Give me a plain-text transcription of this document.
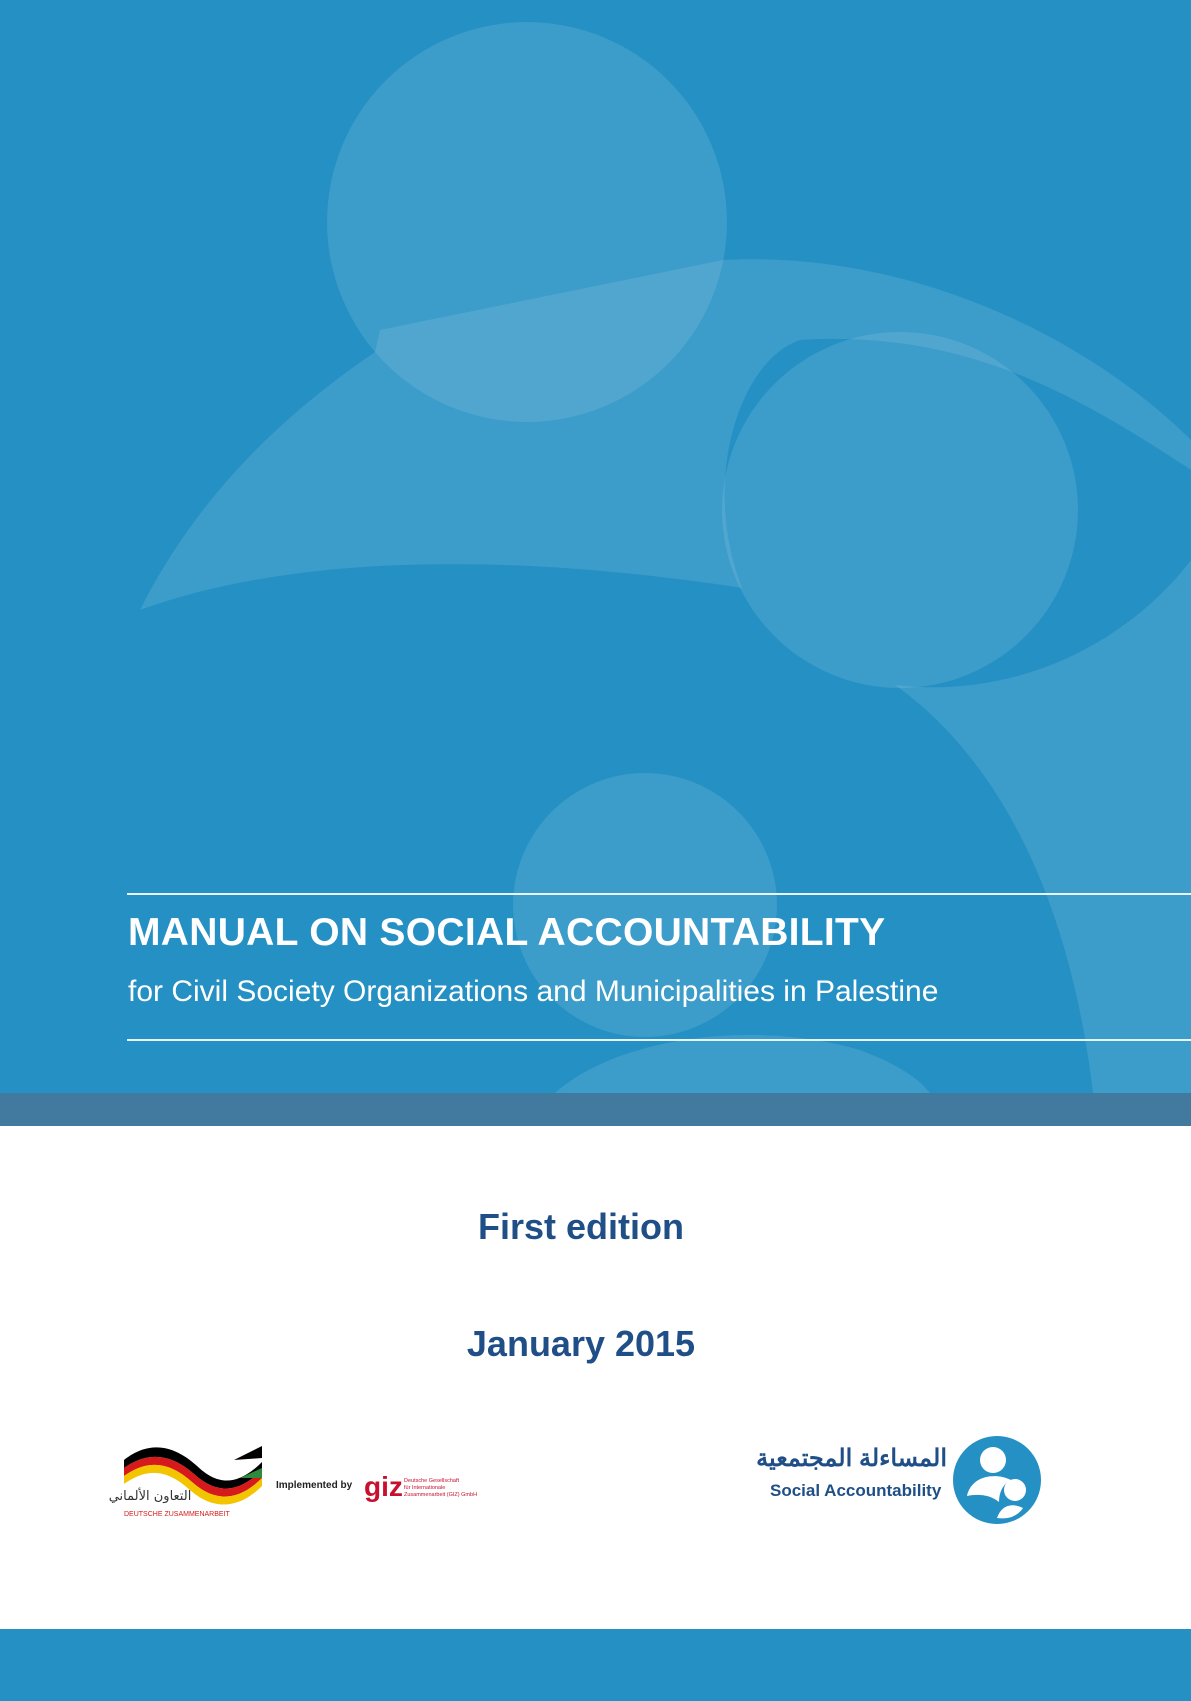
MANUAL ON SOCIAL ACCOUNTABILITY

for Civil Society Organizations and Municipalities in Palestine

First edition

January 2015

التعاون الألماني
DEUTSCHE ZUSAMMENARBEIT
Implemented by giz Deutsche Gesellschaft
für Internationale
Zusammenarbeit (GIZ) GmbH
المساءلة المجتمعية
Social Accountability
